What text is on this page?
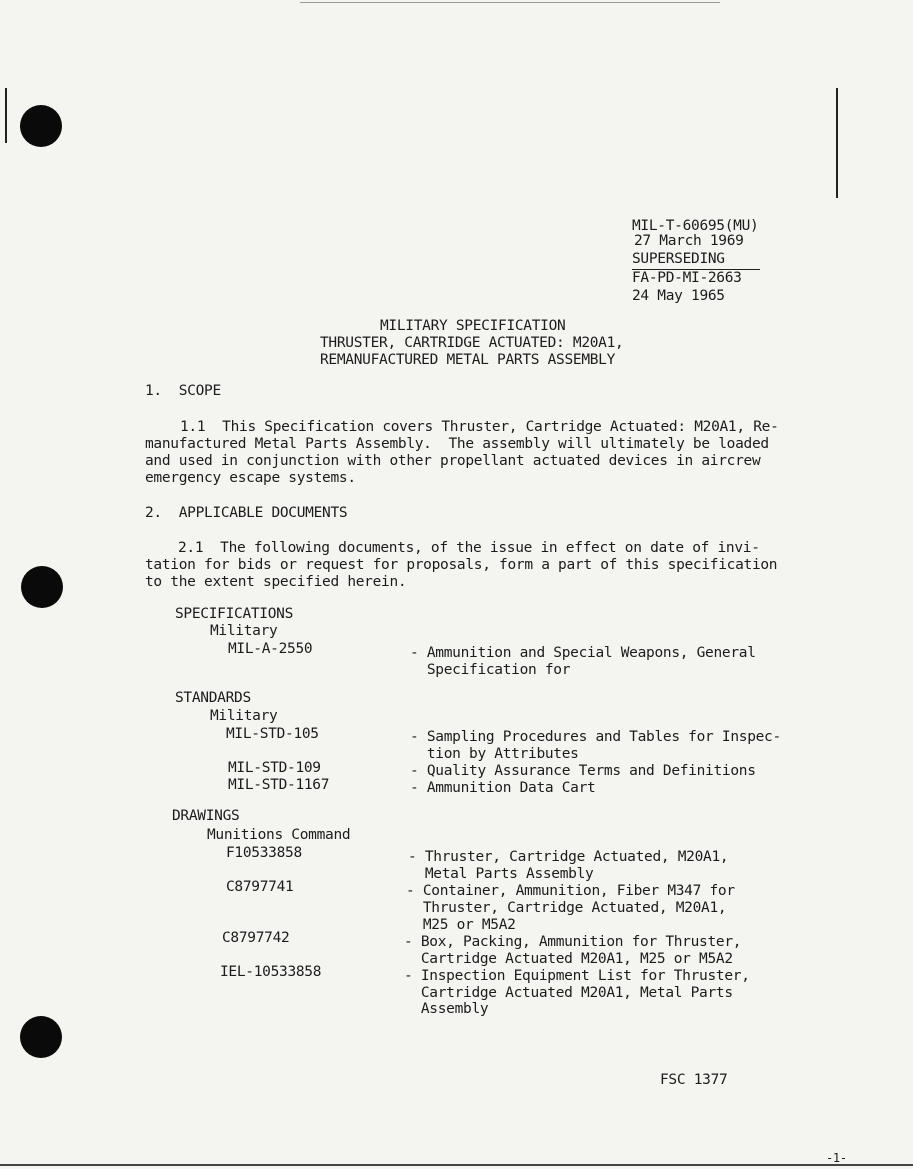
MIL-T-60695(MU)
27 March 1969
SUPERSEDING
FA-PD-MI-2663
24 May 1965
MILITARY SPECIFICATION
THRUSTER, CARTRIDGE ACTUATED: M20A1,
REMANUFACTURED METAL PARTS ASSEMBLY
1.  SCOPE
1.1  This Specification covers Thruster, Cartridge Actuated: M20A1, Re-
manufactured Metal Parts Assembly.  The assembly will ultimately be loaded
and used in conjunction with other propellant actuated devices in aircrew
emergency escape systems.
2.  APPLICABLE DOCUMENTS
2.1  The following documents, of the issue in effect on date of invi-
tation for bids or request for proposals, form a part of this specification
to the extent specified herein.
SPECIFICATIONS
Military
MIL-A-2550	- Ammunition and Special Weapons, General
Specification for
STANDARDS
Military
MIL-STD-105	- Sampling Procedures and Tables for Inspec-
tion by Attributes
MIL-STD-109	- Quality Assurance Terms and Definitions
MIL-STD-1167	- Ammunition Data Cart
DRAWINGS
Munitions Command
F10533858	- Thruster, Cartridge Actuated, M20A1,
Metal Parts Assembly
C8797741	- Container, Ammunition, Fiber M347 for
Thruster, Cartridge Actuated, M20A1,
M25 or M5A2
C8797742	- Box, Packing, Ammunition for Thruster,
Cartridge Actuated M20A1, M25 or M5A2
IEL-10533858	- Inspection Equipment List for Thruster,
Cartridge Actuated M20A1, Metal Parts
Assembly
FSC 1377
-1-
